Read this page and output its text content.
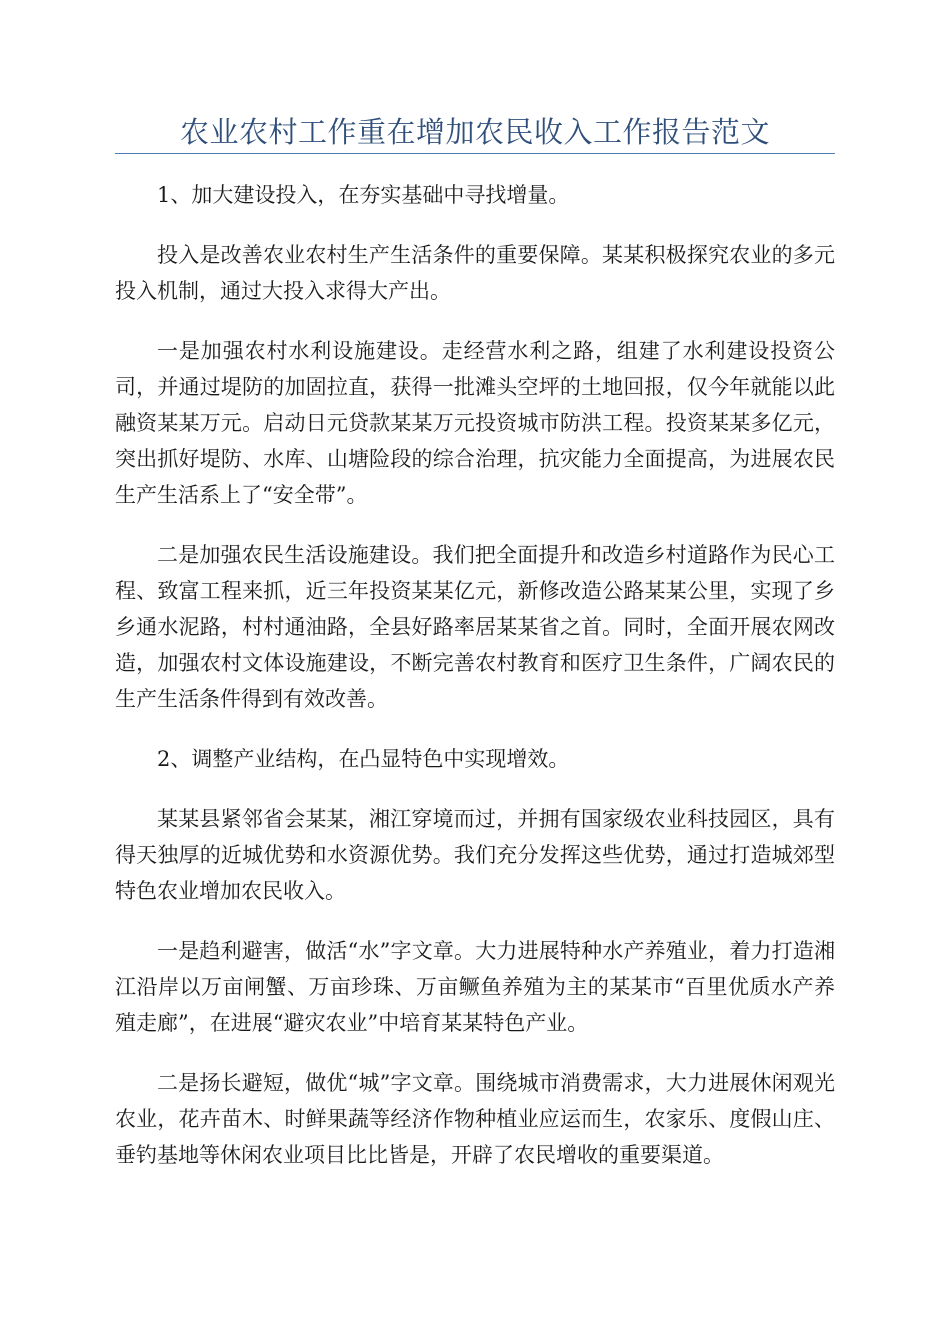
农业农村工作重在增加农民收入工作报告范文

1、加大建设投入，在夯实基础中寻找增量。

投入是改善农业农村生产生活条件的重要保障。某某积极探究农业的多元投入机制，通过大投入求得大产出。

一是加强农村水利设施建设。走经营水利之路，组建了水利建设投资公司，并通过堤防的加固拉直，获得一批滩头空坪的土地回报，仅今年就能以此融资某某万元。启动日元贷款某某万元投资城市防洪工程。投资某某多亿元，突出抓好堤防、水库、山塘险段的综合治理，抗灾能力全面提高，为进展农民生产生活系上了“安全带”。

二是加强农民生活设施建设。我们把全面提升和改造乡村道路作为民心工程、致富工程来抓，近三年投资某某亿元，新修改造公路某某公里，实现了乡乡通水泥路，村村通油路，全县好路率居某某省之首。同时，全面开展农网改造，加强农村文体设施建设，不断完善农村教育和医疗卫生条件，广阔农民的生产生活条件得到有效改善。

2、调整产业结构，在凸显特色中实现增效。

某某县紧邻省会某某，湘江穿境而过，并拥有国家级农业科技园区，具有得天独厚的近城优势和水资源优势。我们充分发挥这些优势，通过打造城郊型特色农业增加农民收入。

一是趋利避害，做活“水”字文章。大力进展特种水产养殖业，着力打造湘江沿岸以万亩闸蟹、万亩珍珠、万亩鳜鱼养殖为主的某某市“百里优质水产养殖走廊”，在进展“避灾农业”中培育某某特色产业。

二是扬长避短，做优“城”字文章。围绕城市消费需求，大力进展休闲观光农业，花卉苗木、时鲜果蔬等经济作物种植业应运而生，农家乐、度假山庄、垂钓基地等休闲农业项目比比皆是，开辟了农民增收的重要渠道。
